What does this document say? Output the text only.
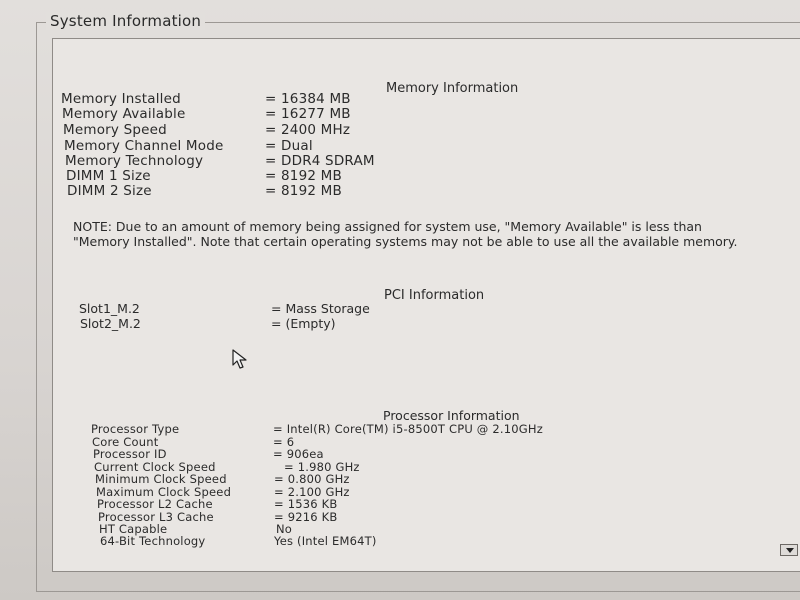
System Information
Memory Information
Memory Installed	= 16384 MB
Memory Available	= 16277 MB
Memory Speed	= 2400 MHz
Memory Channel Mode	= Dual
Memory Technology	= DDR4 SDRAM
DIMM 1 Size	= 8192 MB
DIMM 2 Size	= 8192 MB
NOTE: Due to an amount of memory being assigned for system use, "Memory Available" is less than "Memory Installed". Note that certain operating systems may not be able to use all the available memory.
PCI Information
Slot1_M.2	= Mass Storage
Slot2_M.2	= (Empty)
Processor Information
Processor Type	= Intel(R) Core(TM) i5-8500T CPU @ 2.10GHz
Core Count	= 6
Processor ID	= 906ea
Current Clock Speed	= 1.980 GHz
Minimum Clock Speed	= 0.800 GHz
Maximum Clock Speed	= 2.100 GHz
Processor L2 Cache	= 1536 KB
Processor L3 Cache	= 9216 KB
HT Capable	No
64-Bit Technology	Yes (Intel EM64T)
